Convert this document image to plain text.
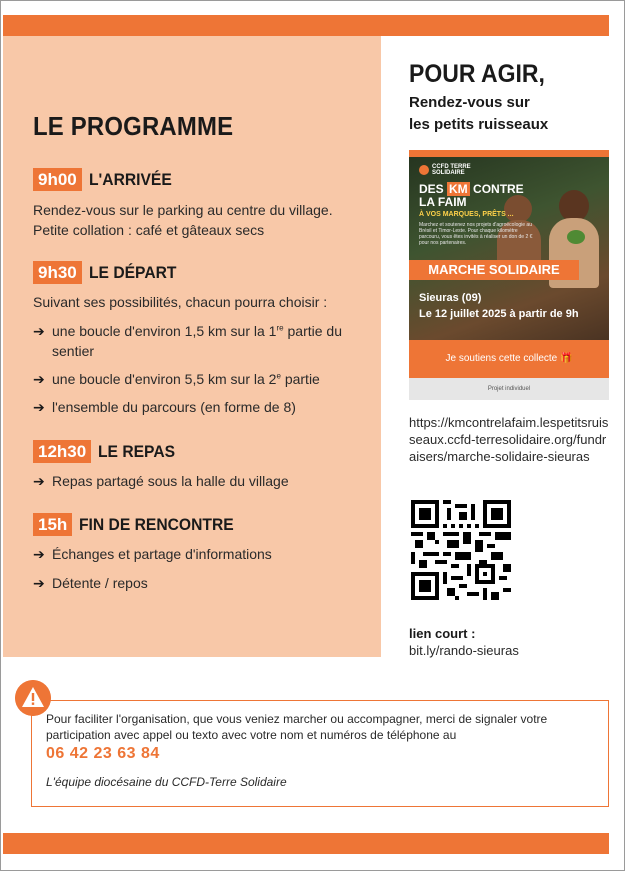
LE PROGRAMME
9h00 L'ARRIVÉE
Rendez-vous sur le parking au centre du village.
Petite collation : café et gâteaux secs
9h30 LE DÉPART
Suivant ses possibilités, chacun pourra choisir :
➔ une boucle d'environ 1,5 km sur la 1re partie du
sentier
➔ une boucle d'environ 5,5 km sur la 2e partie
➔ l'ensemble du parcours (en forme de 8)
12h30 LE REPAS
➔ Repas partagé sous la halle du village
15h FIN DE RENCONTRE
➔ Échanges et partage d'informations
➔ Détente / repos
POUR AGIR,
Rendez-vous sur
les petits ruisseaux
CCFD TERRE SOLIDAIRE
DES KM CONTRE LA FAIM
À VOS MARQUES, PRÊTS ...
Marchez et soutenez nos projets d'agroécologie au Brésil et Timor-Leste. Pour chaque kilomètre parcouru, vous êtes invités à réaliser un don de 2 € pour nos partenaires.
MARCHE SOLIDAIRE
Sieuras (09)
Le 12 juillet 2025 à partir de 9h
Je soutiens cette collecte 🎁
Projet individuel
https://kmcontrelafaim.lespetitsruisseaux.ccfd-terresolidaire.org/fundraisers/marche-solidaire-sieuras
lien court :
bit.ly/rando-sieuras
Pour faciliter l'organisation, que vous veniez marcher ou accompagner, merci de signaler votre participation avec appel ou texto avec votre nom et numéros de téléphone au
06 42 23 63 84
L'équipe diocésaine du CCFD-Terre Solidaire
